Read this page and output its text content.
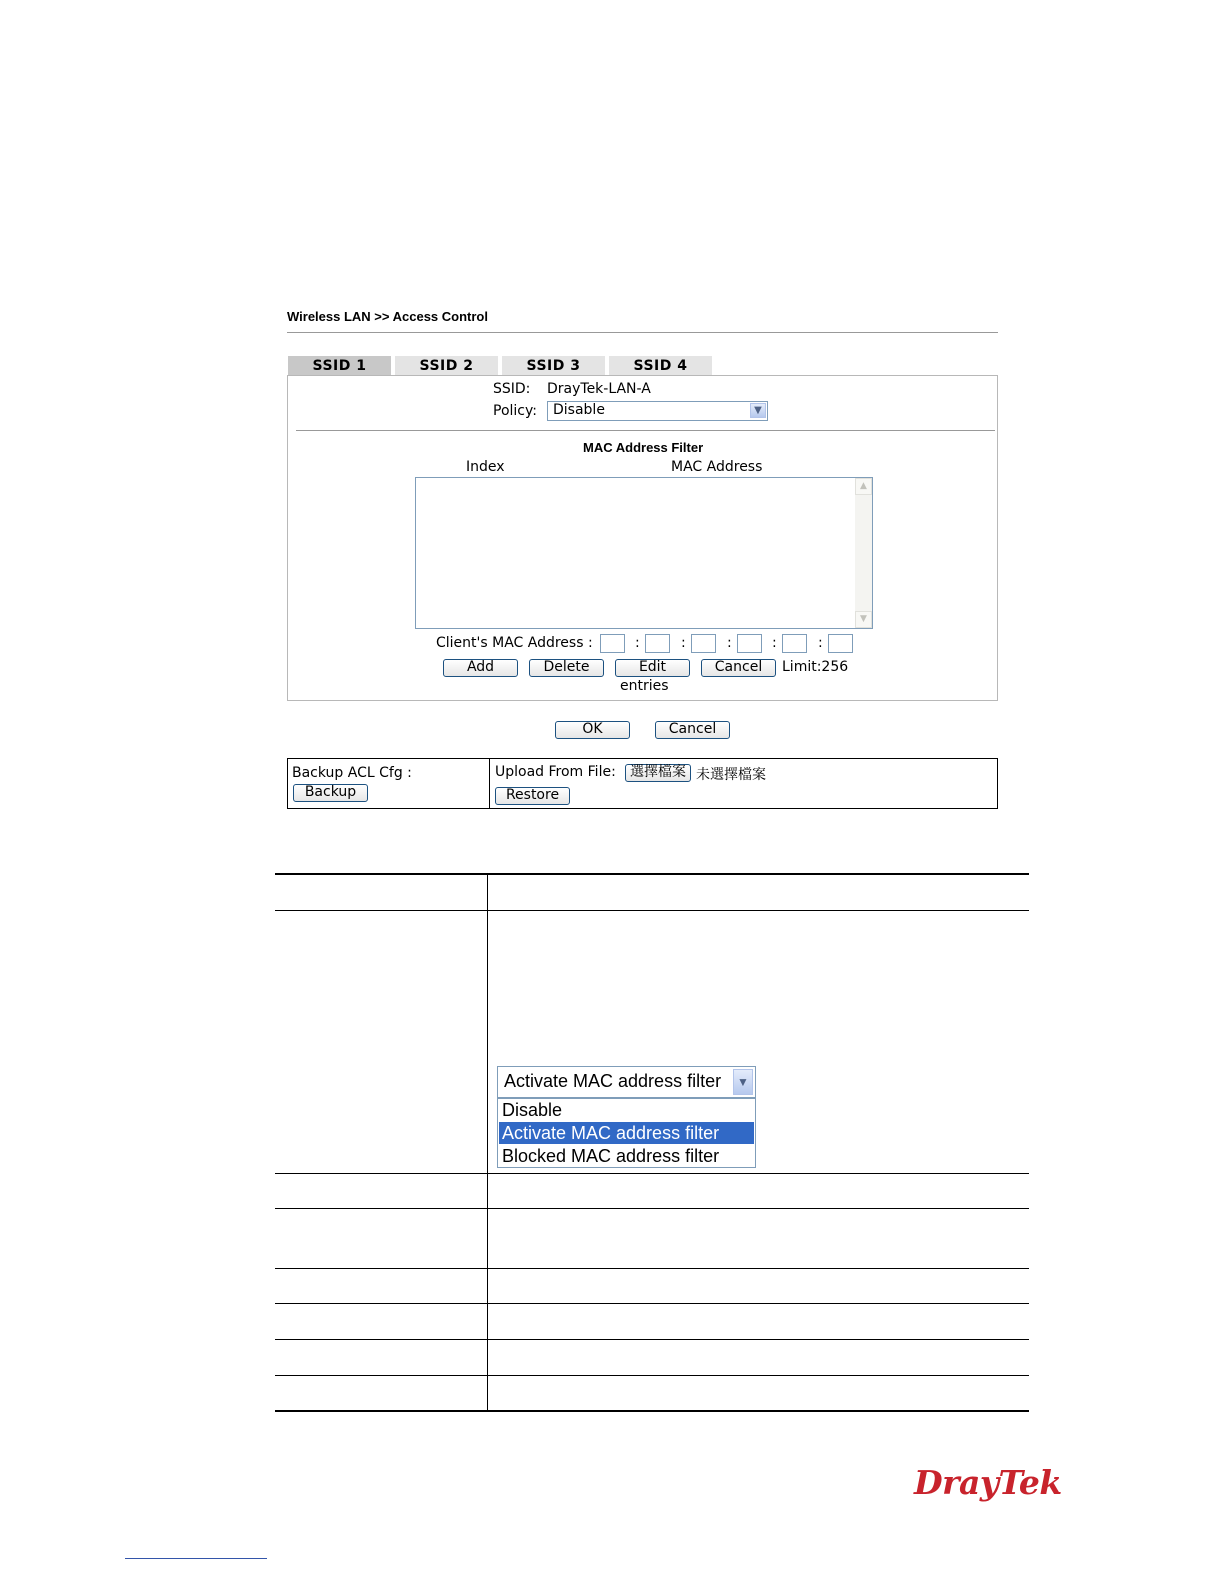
Wireless LAN >> Access Control
SSID 1	SSID 2	SSID 3	SSID 4
SSID: DrayTek-LAN-A
Policy: Disable	▼
MAC Address Filter
Index	MAC Address
▲
▼
Client's MAC Address :	:	:	:	:	:
Add	Delete	Edit	Cancel	Limit:256
entries
OK	Cancel
Backup ACL Cfg :
Backup
Upload From File:	選擇檔案 未選擇檔案
Restore
Activate MAC address filter	▼
Disable
Activate MAC address filter
Blocked MAC address filter
DrayTek
